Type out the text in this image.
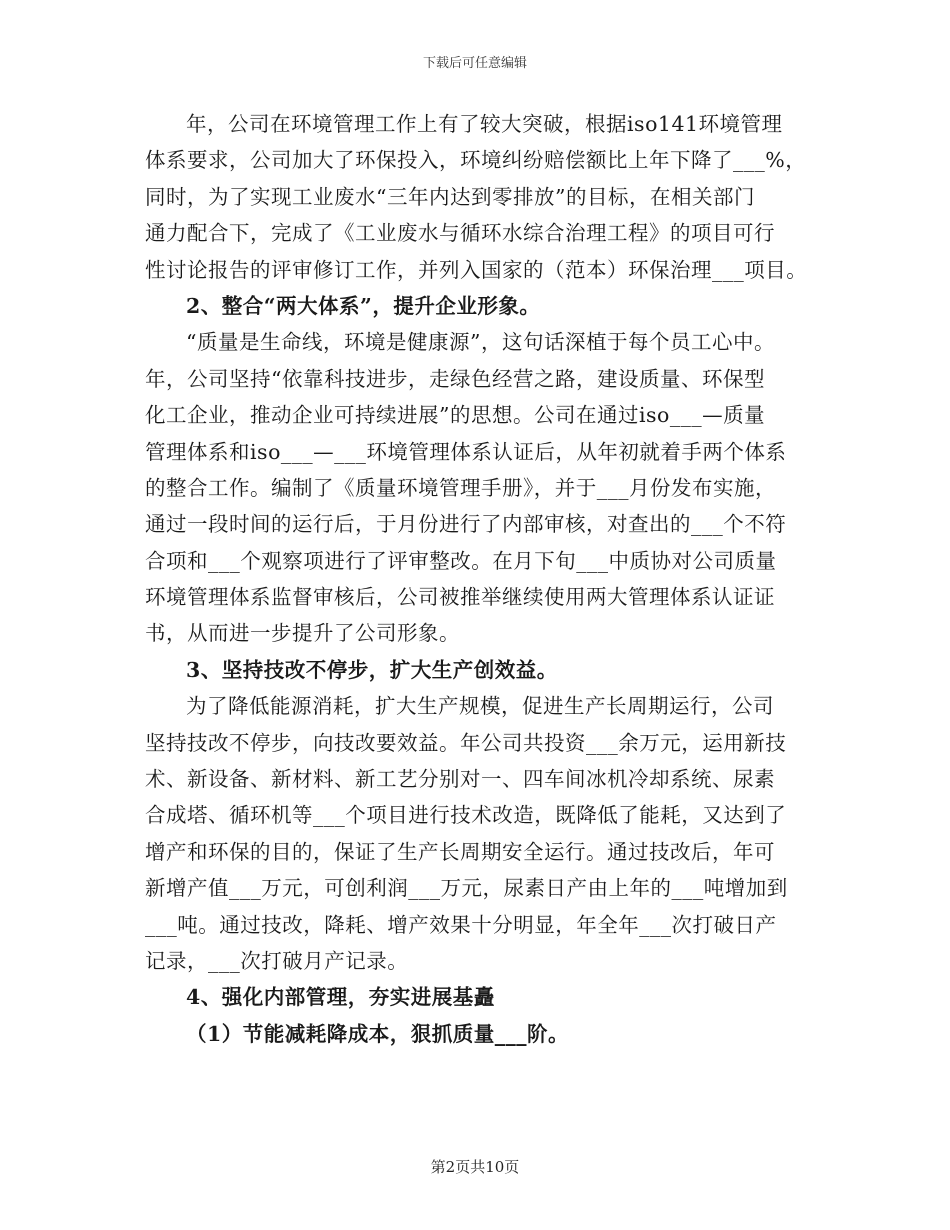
下载后可任意编辑
年，公司在环境管理工作上有了较大突破，根据iso141环境管理
体系要求，公司加大了环保投入，环境纠纷赔偿额比上年下降了___%，
同时，为了实现工业废水“三年内达到零排放”的目标，在相关部门
通力配合下，完成了《工业废水与循环水综合治理工程》的项目可行
性讨论报告的评审修订工作，并列入国家的（范本）环保治理___项目。
2、整合“两大体系”，提升企业形象。
“质量是生命线，环境是健康源”，这句话深植于每个员工心中。
年，公司坚持“依靠科技进步，走绿色经营之路，建设质量、环保型
化工企业，推动企业可持续进展”的思想。公司在通过iso___—质量
管理体系和iso___—___环境管理体系认证后，从年初就着手两个体系
的整合工作。编制了《质量环境管理手册》，并于___月份发布实施，
通过一段时间的运行后，于月份进行了内部审核，对查出的___个不符
合项和___个观察项进行了评审整改。在月下旬___中质协对公司质量
环境管理体系监督审核后，公司被推举继续使用两大管理体系认证证
书，从而进一步提升了公司形象。
3、坚持技改不停步，扩大生产创效益。
为了降低能源消耗，扩大生产规模，促进生产长周期运行，公司
坚持技改不停步，向技改要效益。年公司共投资___余万元，运用新技
术、新设备、新材料、新工艺分别对一、四车间冰机冷却系统、尿素
合成塔、循环机等___个项目进行技术改造，既降低了能耗，又达到了
增产和环保的目的，保证了生产长周期安全运行。通过技改后，年可
新增产值___万元，可创利润___万元，尿素日产由上年的___吨增加到
___吨。通过技改，降耗、增产效果十分明显，年全年___次打破日产
记录，___次打破月产记录。
4、强化内部管理，夯实进展基矗
（1）节能减耗降成本，狠抓质量___阶。
第2页共10页
